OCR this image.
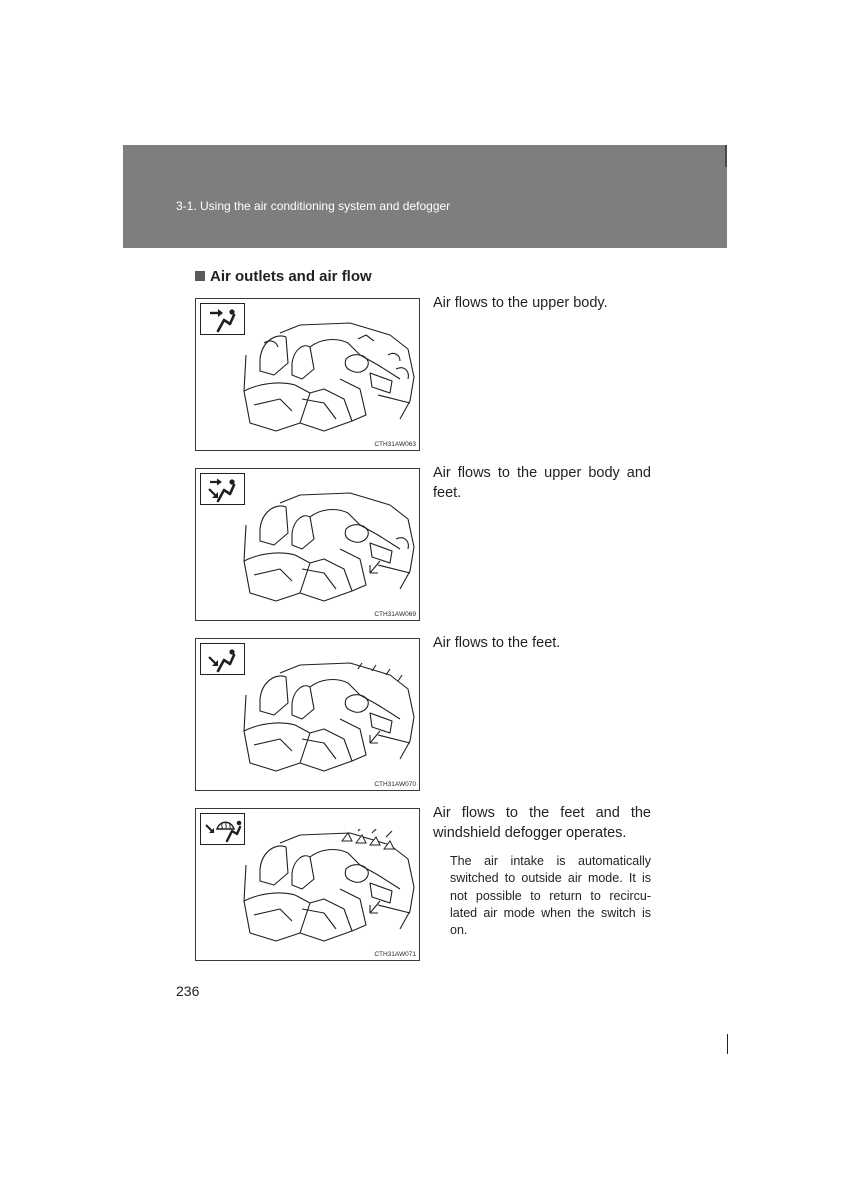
3-1. Using the air conditioning system and defogger
Air outlets and air flow
CTH31AW063
Air flows to the upper body.
CTH31AW069
Air flows to the upper body and feet.
CTH31AW070
Air flows to the feet.
CTH31AW071
Air flows to the feet and the windshield defogger operates.
The air intake is automatically switched to outside air mode. It is not possible to return to recircu-lated air mode when the switch is on.
236
